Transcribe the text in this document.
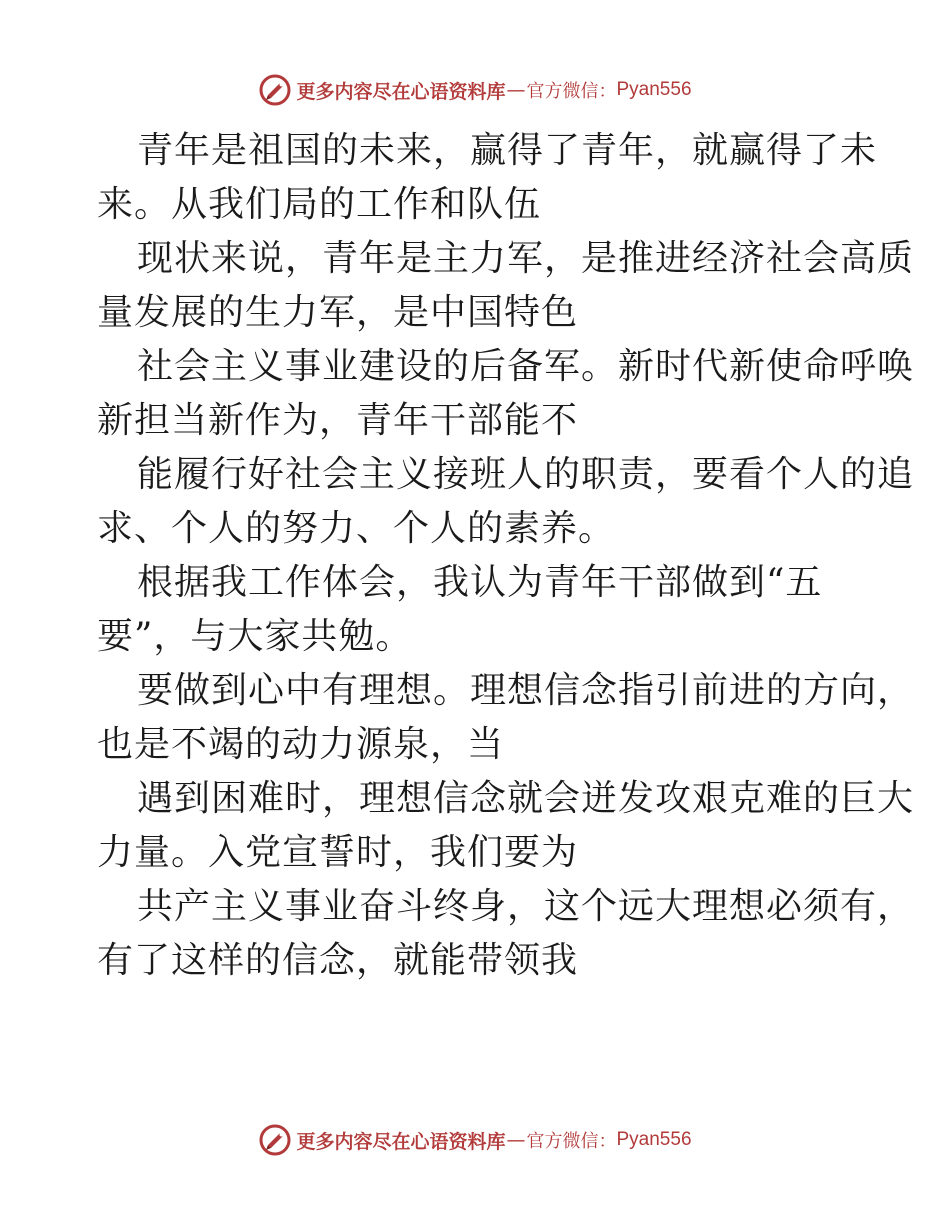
更多内容尽在心语资料库 — 官方微信： Pyan556
青年是祖国的未来，赢得了青年，就赢得了未
来。从我们局的工作和队伍
现状来说，青年是主力军，是推进经济社会高质
量发展的生力军，是中国特色
社会主义事业建设的后备军。新时代新使命呼唤
新担当新作为，青年干部能不
能履行好社会主义接班人的职责，要看个人的追
求、个人的努力、个人的素养。
根据我工作体会，我认为青年干部做到“五
要”，与大家共勉。
要做到心中有理想。理想信念指引前进的方向，
也是不竭的动力源泉，当
遇到困难时，理想信念就会迸发攻艰克难的巨大
力量。入党宣誓时，我们要为
共产主义事业奋斗终身，这个远大理想必须有，
有了这样的信念，就能带领我
更多内容尽在心语资料库 — 官方微信： Pyan556
